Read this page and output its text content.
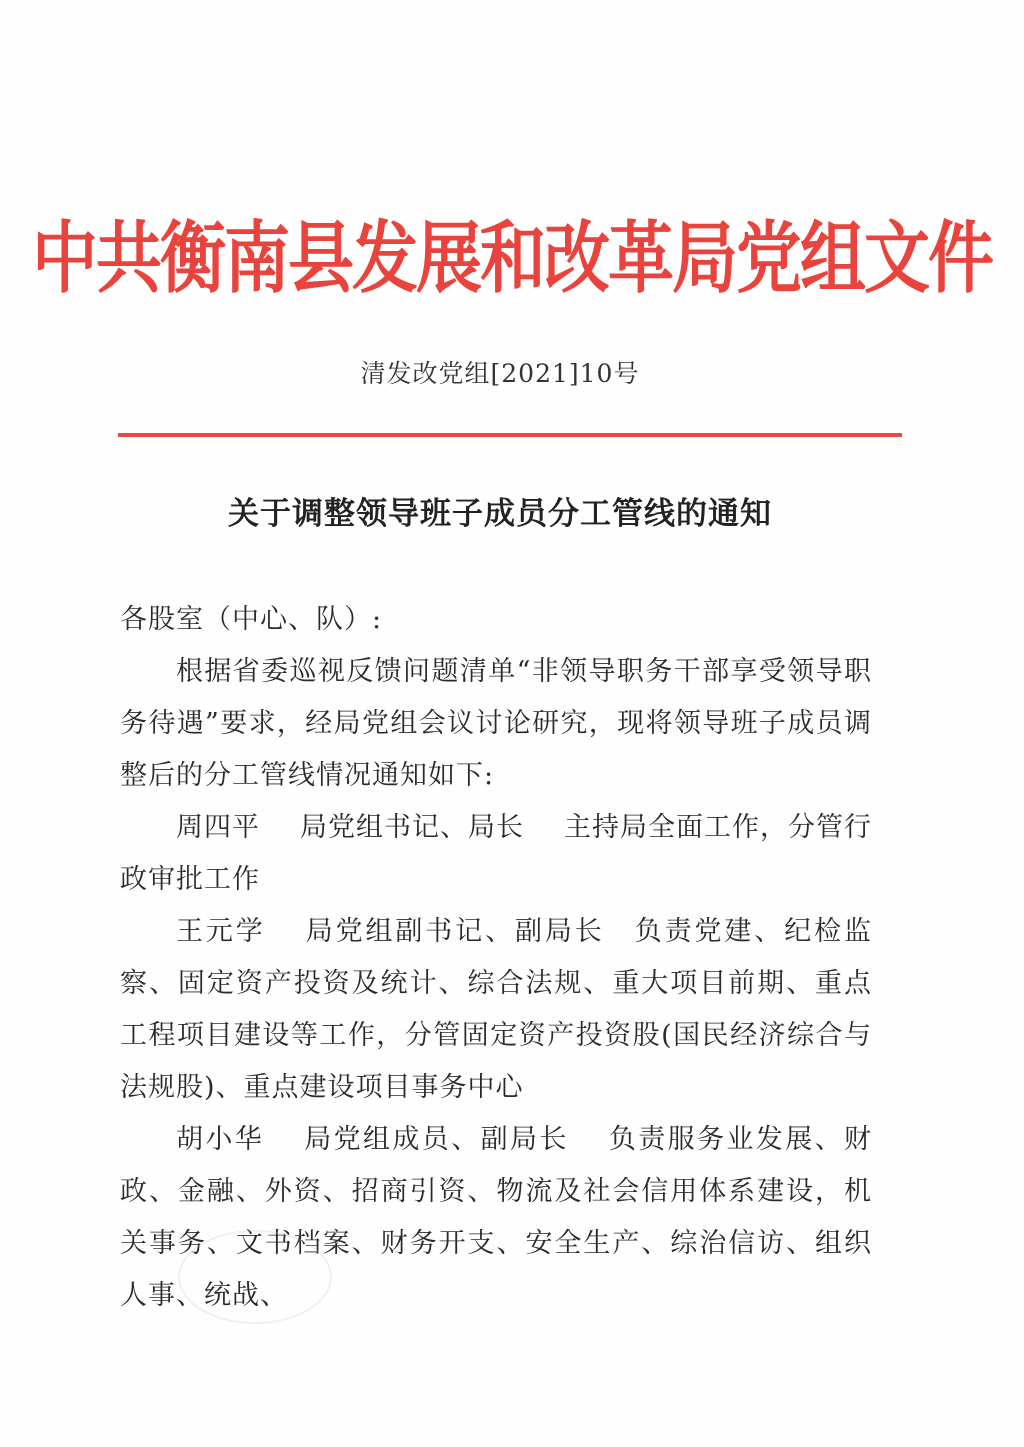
中共衡南县发展和改革局党组文件
清发改党组[2021]10号
关于调整领导班子成员分工管线的通知

各股室（中心、队）:

根据省委巡视反馈问题清单“非领导职务干部享受领导职务待遇”要求，经局党组会议讨论研究，现将领导班子成员调整后的分工管线情况通知如下:

周四平 局党组书记、局长 主持局全面工作，分管行政审批工作

王元学 局党组副书记、副局长 负责党建、纪检监察、固定资产投资及统计、综合法规、重大项目前期、重点工程项目建设等工作，分管固定资产投资股(国民经济综合与法规股)、重点建设项目事务中心

胡小华 局党组成员、副局长 负责服务业发展、财政、金融、外资、招商引资、物流及社会信用体系建设，机关事务、文书档案、财务开支、安全生产、综治信访、组织人事、统战、
